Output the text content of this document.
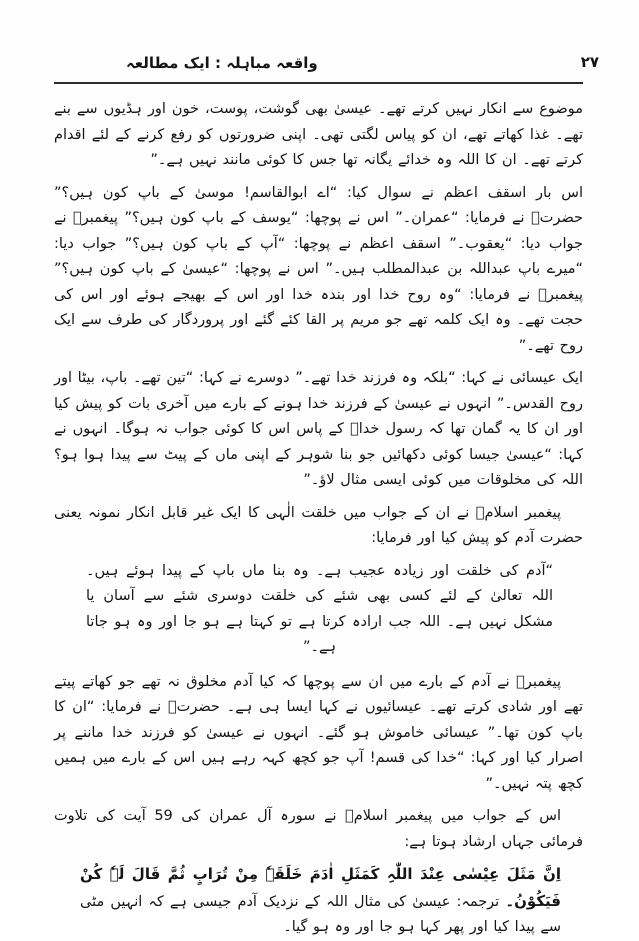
واقعہ مباہلہ : ایک مطالعہ	۲۷

موضوع سے انکار نہیں کرتے تھے۔ عیسیٰ بھی گوشت، پوست، خون اور ہڈیوں سے بنے تھے۔ غذا کھاتے تھے، ان کو پیاس لگتی تھی۔ اپنی ضرورتوں کو رفع کرنے کے لئے اقدام کرتے تھے۔ ان کا اللہ وہ خدائے یگانہ تھا جس کا کوئی مانند نہیں ہے۔”

اس بار اسقف اعظم نے سوال کیا: “اے ابوالقاسم! موسیٰ کے باپ کون ہیں؟” حضرتؑ نے فرمایا: “عمران۔” اس نے پوچھا: “یوسف کے باپ کون ہیں؟” پیغمبرؐ نے جواب دیا: “یعقوب۔” اسقف اعظم نے پوچھا: “آپ کے باپ کون ہیں؟” جواب دیا: “میرے باپ عبداللہ بن عبدالمطلب ہیں۔” اس نے پوچھا: “عیسیٰ کے باپ کون ہیں؟” پیغمبرؐ نے فرمایا: “وہ روح خدا اور بندہ خدا اور اس کے بھیجے ہوئے اور اس کی حجت تھے۔ وہ ایک کلمہ تھے جو مریم پر القا کئے گئے اور پروردگار کی طرف سے ایک روح تھے۔”

ایک عیسائی نے کہا: “بلکہ وہ فرزند خدا تھے۔” دوسرے نے کہا: “تین تھے۔ باپ، بیٹا اور روح القدس۔” انہوں نے عیسیٰ کے فرزند خدا ہونے کے بارے میں آخری بات کو پیش کیا اور ان کا یہ گمان تھا کہ رسول خداؐ کے پاس اس کا کوئی جواب نہ ہوگا۔ انہوں نے کہا: “عیسیٰ جیسا کوئی دکھائیں جو بنا شوہر کے اپنی ماں کے پیٹ سے پیدا ہوا ہو؟ اللہ کی مخلوقات میں کوئی ایسی مثال لاؤ۔”

پیغمبر اسلامؐ نے ان کے جواب میں خلقت الٰہی کا ایک غیر قابل انکار نمونہ یعنی حضرت آدم کو پیش کیا اور فرمایا:

“آدم کی خلقت اور زیادہ عجیب ہے۔ وہ بنا ماں باپ کے پیدا ہوئے ہیں۔ اللہ تعالیٰ کے لئے کسی بھی شئے کی خلقت دوسری شئے سے آسان یا مشکل نہیں ہے۔ اللہ جب ارادہ کرتا ہے تو کہتا ہے ہو جا اور وہ ہو جاتا ہے۔”

پیغمبرؐ نے آدم کے بارے میں ان سے پوچھا کہ کیا آدم مخلوق نہ تھے جو کھاتے پیتے تھے اور شادی کرتے تھے۔ عیسائیوں نے کہا ایسا ہی ہے۔ حضرتؑ نے فرمایا: “ان کا باپ کون تھا۔” عیسائی خاموش ہو گئے۔ انہوں نے عیسیٰ کو فرزند خدا ماننے پر اصرار کیا اور کہا: “خدا کی قسم! آپ جو کچھ کہہ رہے ہیں اس کے بارے میں ہمیں کچھ پتہ نہیں۔”

اس کے جواب میں پیغمبر اسلامؐ نے سورہ آل عمران کی 59 آیت کی تلاوت فرمائی جہاں ارشاد ہوتا ہے:

اِنَّ مَثَلَ عِیْسٰی عِنْدَ اللّٰہِ کَمَثَلِ اٰدَمَ خَلَقَہٗ مِنْ تُرَابٍ ثُمَّ قَالَ لَہٗ کُنْ فَیَکُوْنُ۔ ترجمہ: عیسیٰ کی مثال اللہ کے نزدیک آدم جیسی ہے کہ انہیں مٹی سے پیدا کیا اور پھر کہا ہو جا اور وہ ہو گیا۔
